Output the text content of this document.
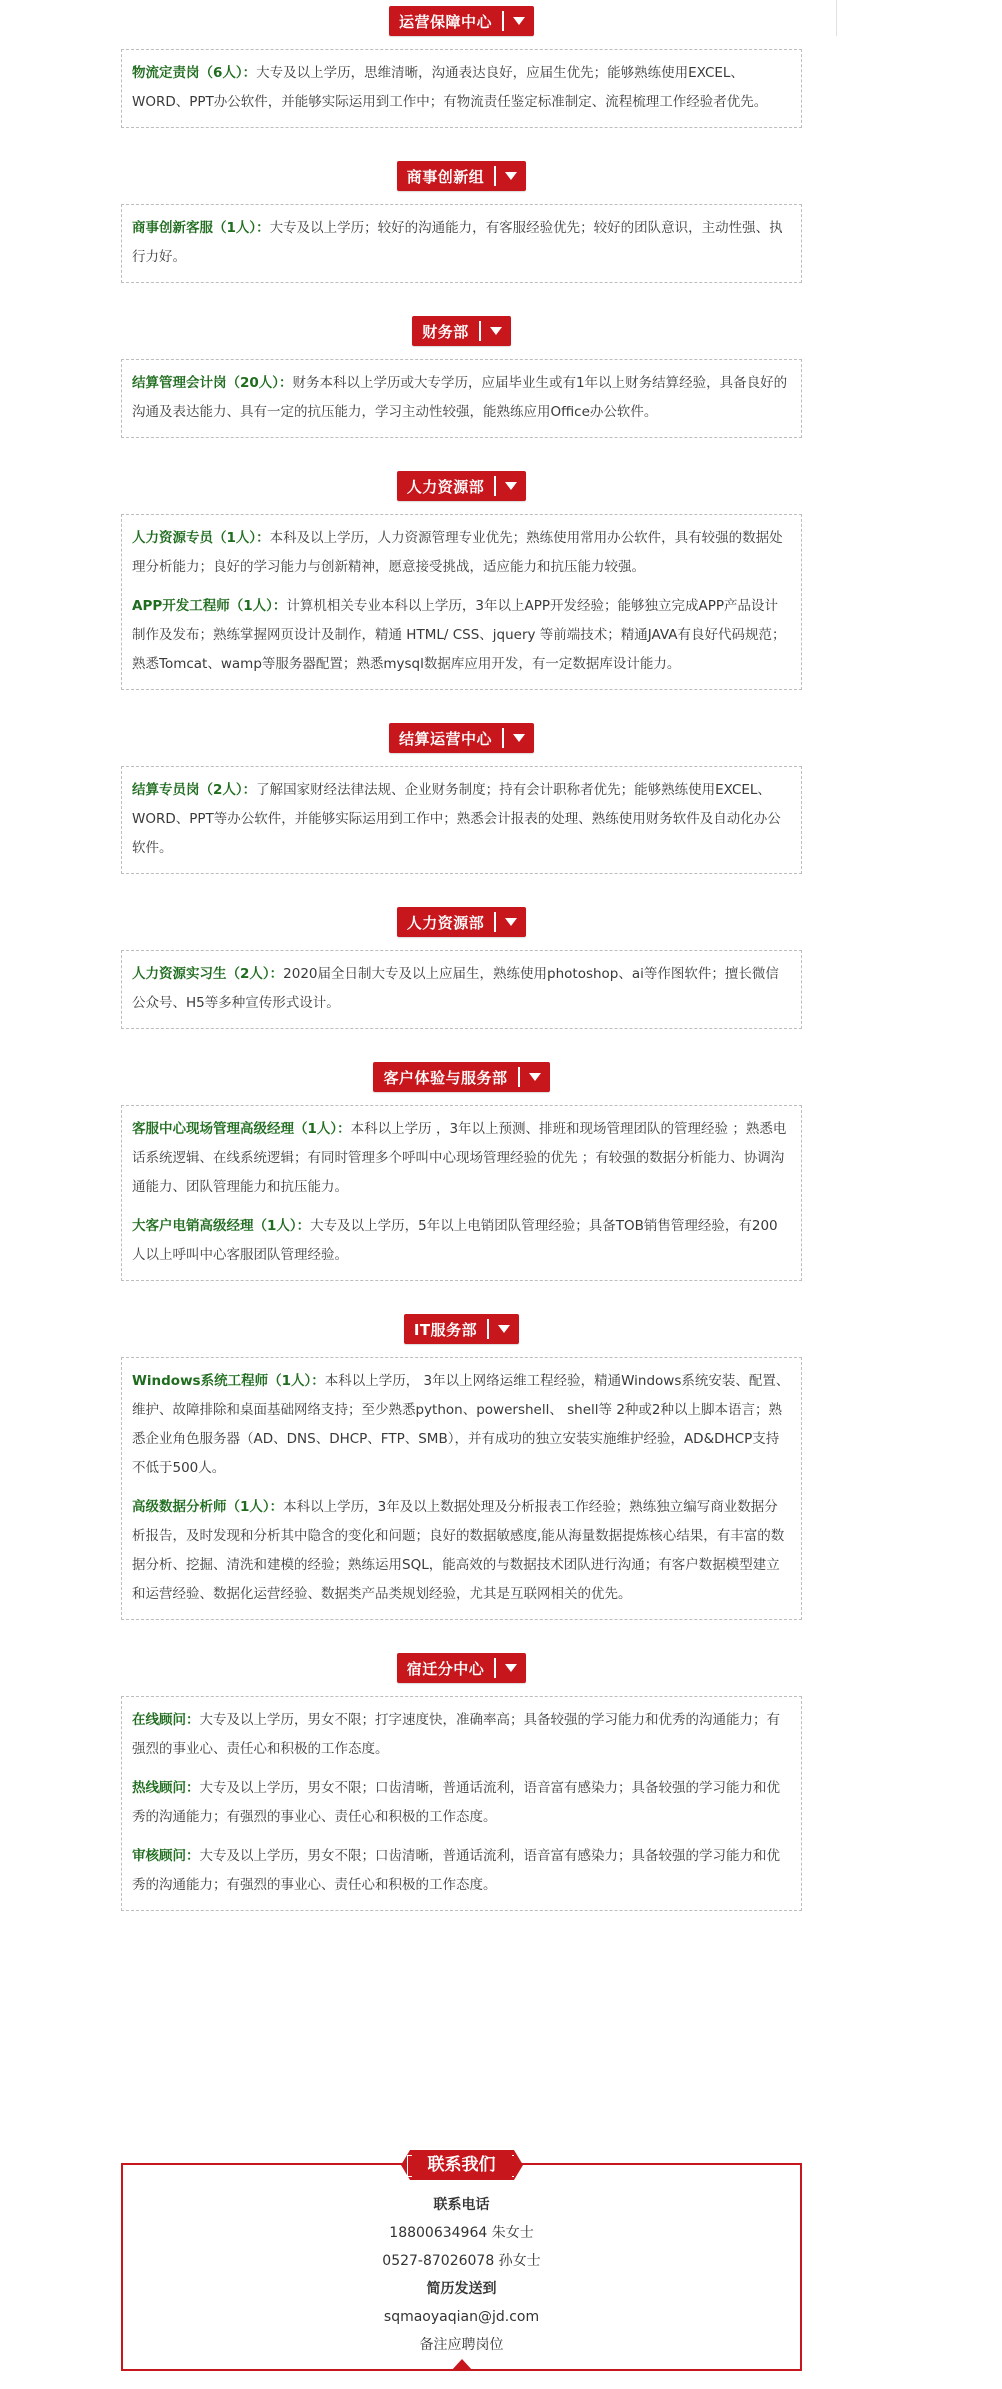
运营保障中心
物流定责岗（6人）：大专及以上学历，思维清晰，沟通表达良好，应届生优先；能够熟练使用EXCEL、WORD、PPT办公软件，并能够实际运用到工作中；有物流责任鉴定标准制定、流程梳理工作经验者优先。
商事创新组
商事创新客服（1人）：大专及以上学历；较好的沟通能力，有客服经验优先；较好的团队意识，主动性强、执行力好。
财务部
结算管理会计岗（20人）：财务本科以上学历或大专学历，应届毕业生或有1年以上财务结算经验，具备良好的沟通及表达能力、具有一定的抗压能力，学习主动性较强，能熟练应用Office办公软件。
人力资源部
人力资源专员（1人）：本科及以上学历，人力资源管理专业优先；熟练使用常用办公软件，具有较强的数据处理分析能力；良好的学习能力与创新精神，愿意接受挑战，适应能力和抗压能力较强。
APP开发工程师（1人）：计算机相关专业本科以上学历，3年以上APP开发经验；能够独立完成APP产品设计制作及发布；熟练掌握网页设计及制作，精通 HTML/ CSS、jquery 等前端技术；精通JAVA有良好代码规范；熟悉Tomcat、wamp等服务器配置；熟悉mysql数据库应用开发，有一定数据库设计能力。
结算运营中心
结算专员岗（2人）：了解国家财经法律法规、企业财务制度；持有会计职称者优先；能够熟练使用EXCEL、WORD、PPT等办公软件，并能够实际运用到工作中；熟悉会计报表的处理、熟练使用财务软件及自动化办公软件。
人力资源部
人力资源实习生（2人）：2020届全日制大专及以上应届生，熟练使用photoshop、ai等作图软件；擅长微信公众号、H5等多种宣传形式设计。
客户体验与服务部
客服中心现场管理高级经理（1人）：本科以上学历 ，3年以上预测、排班和现场管理团队的管理经验 ；熟悉电话系统逻辑、在线系统逻辑；有同时管理多个呼叫中心现场管理经验的优先 ；有较强的数据分析能力、协调沟通能力、团队管理能力和抗压能力。
大客户电销高级经理（1人）：大专及以上学历，5年以上电销团队管理经验；具备TOB销售管理经验，有200人以上呼叫中心客服团队管理经验。
IT服务部
Windows系统工程师（1人）：本科以上学历， 3年以上网络运维工程经验，精通Windows系统安装、配置、维护、故障排除和桌面基础网络支持；至少熟悉python、powershell、 shell等 2种或2种以上脚本语言；熟悉企业角色服务器（AD、DNS、DHCP、FTP、SMB），并有成功的独立安装实施维护经验，AD&DHCP支持不低于500人。
高级数据分析师（1人）：本科以上学历，3年及以上数据处理及分析报表工作经验；熟练独立编写商业数据分析报告，及时发现和分析其中隐含的变化和问题；良好的数据敏感度,能从海量数据提炼核心结果，有丰富的数据分析、挖掘、清洗和建模的经验；熟练运用SQL，能高效的与数据技术团队进行沟通；有客户数据模型建立和运营经验、数据化运营经验、数据类产品类规划经验，尤其是互联网相关的优先。
宿迁分中心
在线顾问：大专及以上学历，男女不限；打字速度快，准确率高；具备较强的学习能力和优秀的沟通能力；有强烈的事业心、责任心和积极的工作态度。
热线顾问：大专及以上学历，男女不限；口齿清晰，普通话流利，语音富有感染力；具备较强的学习能力和优秀的沟通能力；有强烈的事业心、责任心和积极的工作态度。
审核顾问：大专及以上学历，男女不限；口齿清晰，普通话流利，语音富有感染力；具备较强的学习能力和优秀的沟通能力；有强烈的事业心、责任心和积极的工作态度。
联系我们
联系电话
18800634964 朱女士
0527-87026078 孙女士
简历发送到
sqmaoyaqian@jd.com
备注应聘岗位
